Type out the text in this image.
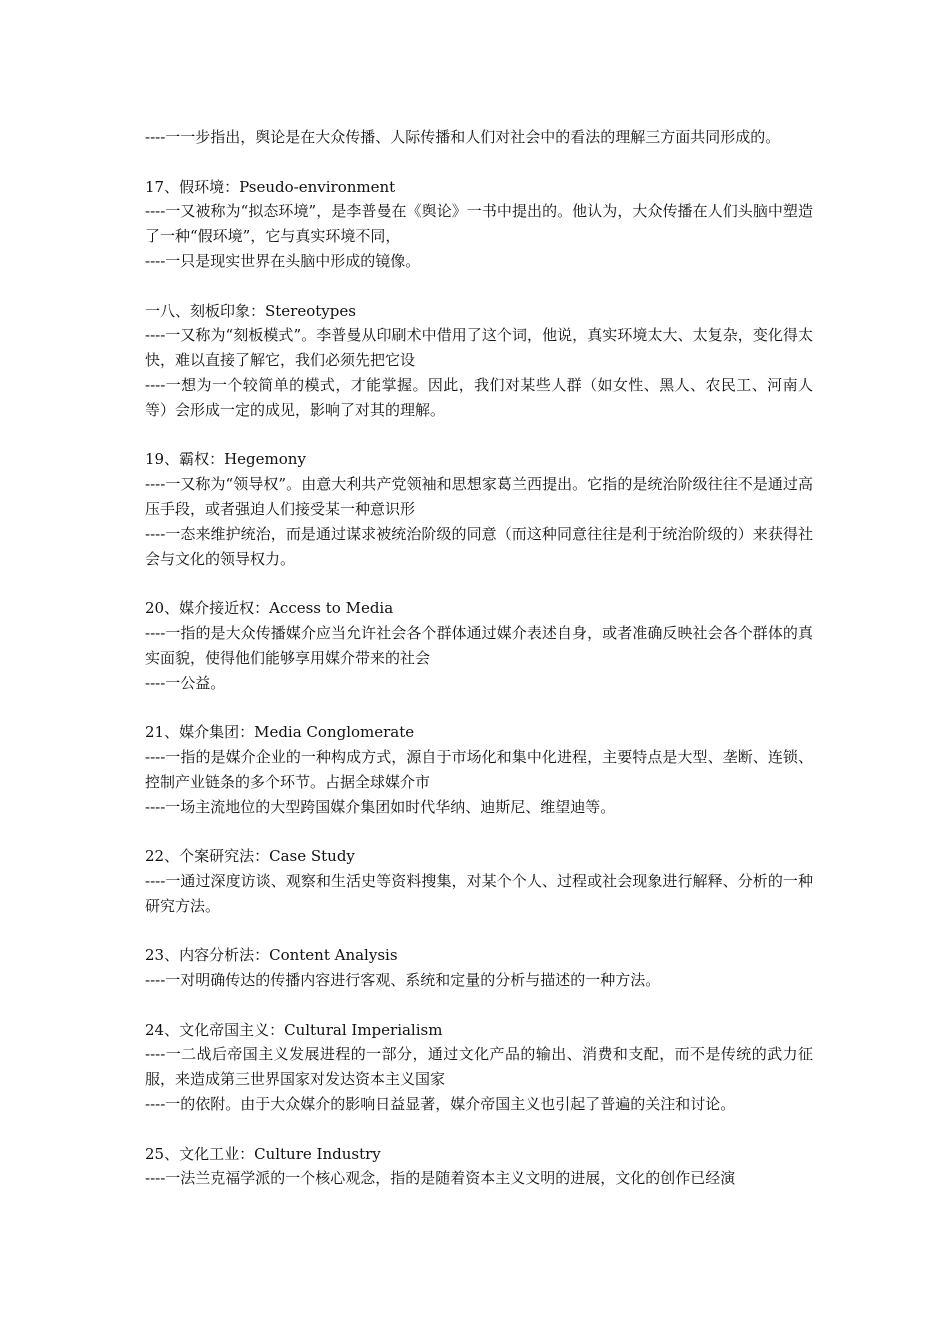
----一一步指出，舆论是在大众传播、人际传播和人们对社会中的看法的理解三方面共同形成的。

17、假环境：Pseudo-environment

----一又被称为“拟态环境”，是李普曼在《舆论》一书中提出的。他认为，大众传播在人们头脑中塑造了一种“假环境”，它与真实环境不同，

----一只是现实世界在头脑中形成的镜像。

一八、刻板印象：Stereotypes

----一又称为“刻板模式”。李普曼从印刷术中借用了这个词，他说，真实环境太大、太复杂，变化得太快，难以直接了解它，我们必须先把它设

----一想为一个较简单的模式，才能掌握。因此，我们对某些人群（如女性、黑人、农民工、河南人等）会形成一定的成见，影响了对其的理解。

19、霸权：Hegemony

----一又称为“领导权”。由意大利共产党领袖和思想家葛兰西提出。它指的是统治阶级往往不是通过高压手段，或者强迫人们接受某一种意识形

----一态来维护统治，而是通过谋求被统治阶级的同意（而这种同意往往是利于统治阶级的）来获得社会与文化的领导权力。

20、媒介接近权：Access to Media

----一指的是大众传播媒介应当允许社会各个群体通过媒介表述自身，或者准确反映社会各个群体的真实面貌，使得他们能够享用媒介带来的社会

----一公益。

21、媒介集团：Media Conglomerate

----一指的是媒介企业的一种构成方式，源自于市场化和集中化进程，主要特点是大型、垄断、连锁、控制产业链条的多个环节。占据全球媒介市

----一场主流地位的大型跨国媒介集团如时代华纳、迪斯尼、维望迪等。

22、个案研究法：Case Study

----一通过深度访谈、观察和生活史等资料搜集，对某个个人、过程或社会现象进行解释、分析的一种研究方法。

23、内容分析法：Content Analysis

----一对明确传达的传播内容进行客观、系统和定量的分析与描述的一种方法。

24、文化帝国主义：Cultural Imperialism

----一二战后帝国主义发展进程的一部分，通过文化产品的输出、消费和支配，而不是传统的武力征服，来造成第三世界国家对发达资本主义国家

----一的依附。由于大众媒介的影响日益显著，媒介帝国主义也引起了普遍的关注和讨论。

25、文化工业：Culture Industry

----一法兰克福学派的一个核心观念，指的是随着资本主义文明的进展，文化的创作已经演
